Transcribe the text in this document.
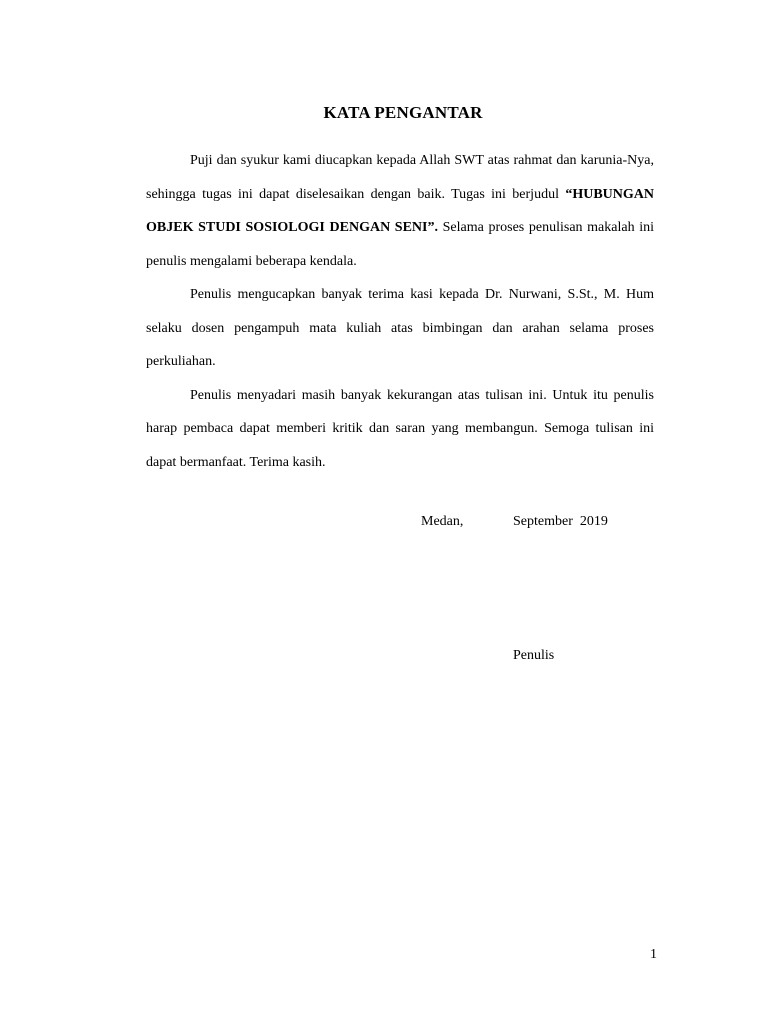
KATA PENGANTAR

Puji dan syukur kami diucapkan kepada Allah SWT atas rahmat dan karunia-Nya, sehingga tugas ini dapat diselesaikan dengan baik. Tugas ini berjudul “HUBUNGAN OBJEK STUDI SOSIOLOGI DENGAN SENI”. Selama proses penulisan makalah ini penulis mengalami beberapa kendala.

Penulis mengucapkan banyak terima kasi kepada Dr. Nurwani, S.St., M. Hum selaku dosen pengampuh mata kuliah atas bimbingan dan arahan selama proses perkuliahan.

Penulis menyadari masih banyak kekurangan atas tulisan ini. Untuk itu penulis harap pembaca dapat memberi kritik dan saran yang membangun. Semoga tulisan ini dapat bermanfaat. Terima kasih.

Medan,	September  2019
Penulis
1
